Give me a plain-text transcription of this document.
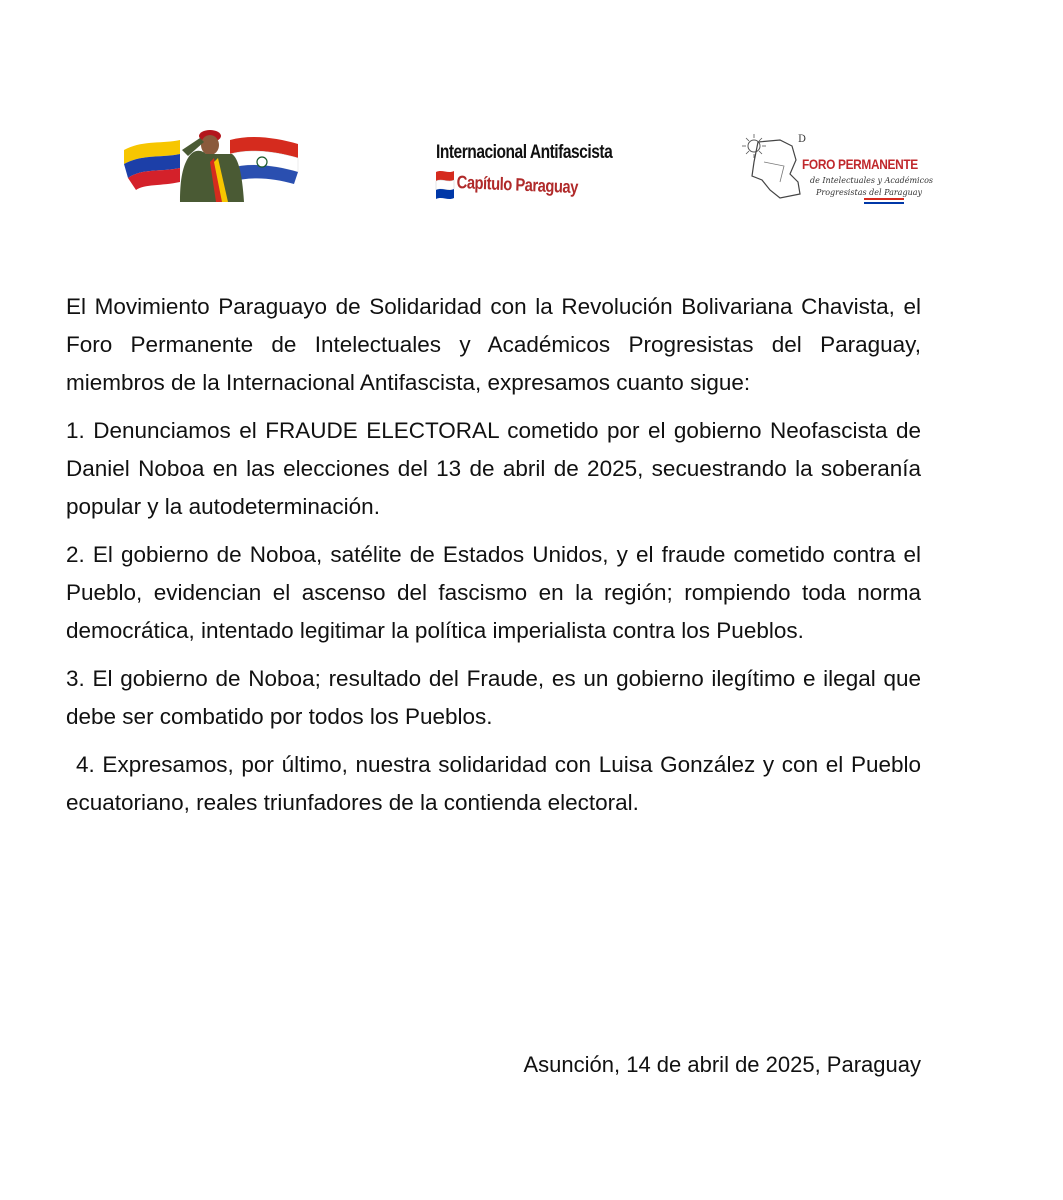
Internacional Antifascista
Capítulo Paraguay
D
FORO PERMANENTE
de Intelectuales y Académicos
Progresistas del Paraguay

El Movimiento Paraguayo de Solidaridad con la Revolución Bolivariana Chavista, el Foro Permanente de Intelectuales y Académicos Progresistas del Paraguay, miembros de la Internacional Antifascista, expresamos cuanto sigue:

1. Denunciamos el FRAUDE ELECTORAL cometido por el gobierno Neofascista de Daniel Noboa en las elecciones del 13 de abril de 2025, secuestrando la soberanía popular y la autodeterminación.

2. El gobierno de Noboa, satélite de Estados Unidos, y el fraude cometido contra el Pueblo, evidencian el ascenso del fascismo en la región; rompiendo toda norma democrática, intentado legitimar la política imperialista contra los Pueblos.

3. El gobierno de Noboa; resultado del Fraude, es un gobierno ilegítimo e ilegal que debe ser combatido por todos los Pueblos.

4. Expresamos, por último, nuestra solidaridad con Luisa González y con el Pueblo ecuatoriano, reales triunfadores de la contienda electoral.

Asunción, 14 de abril de 2025, Paraguay
